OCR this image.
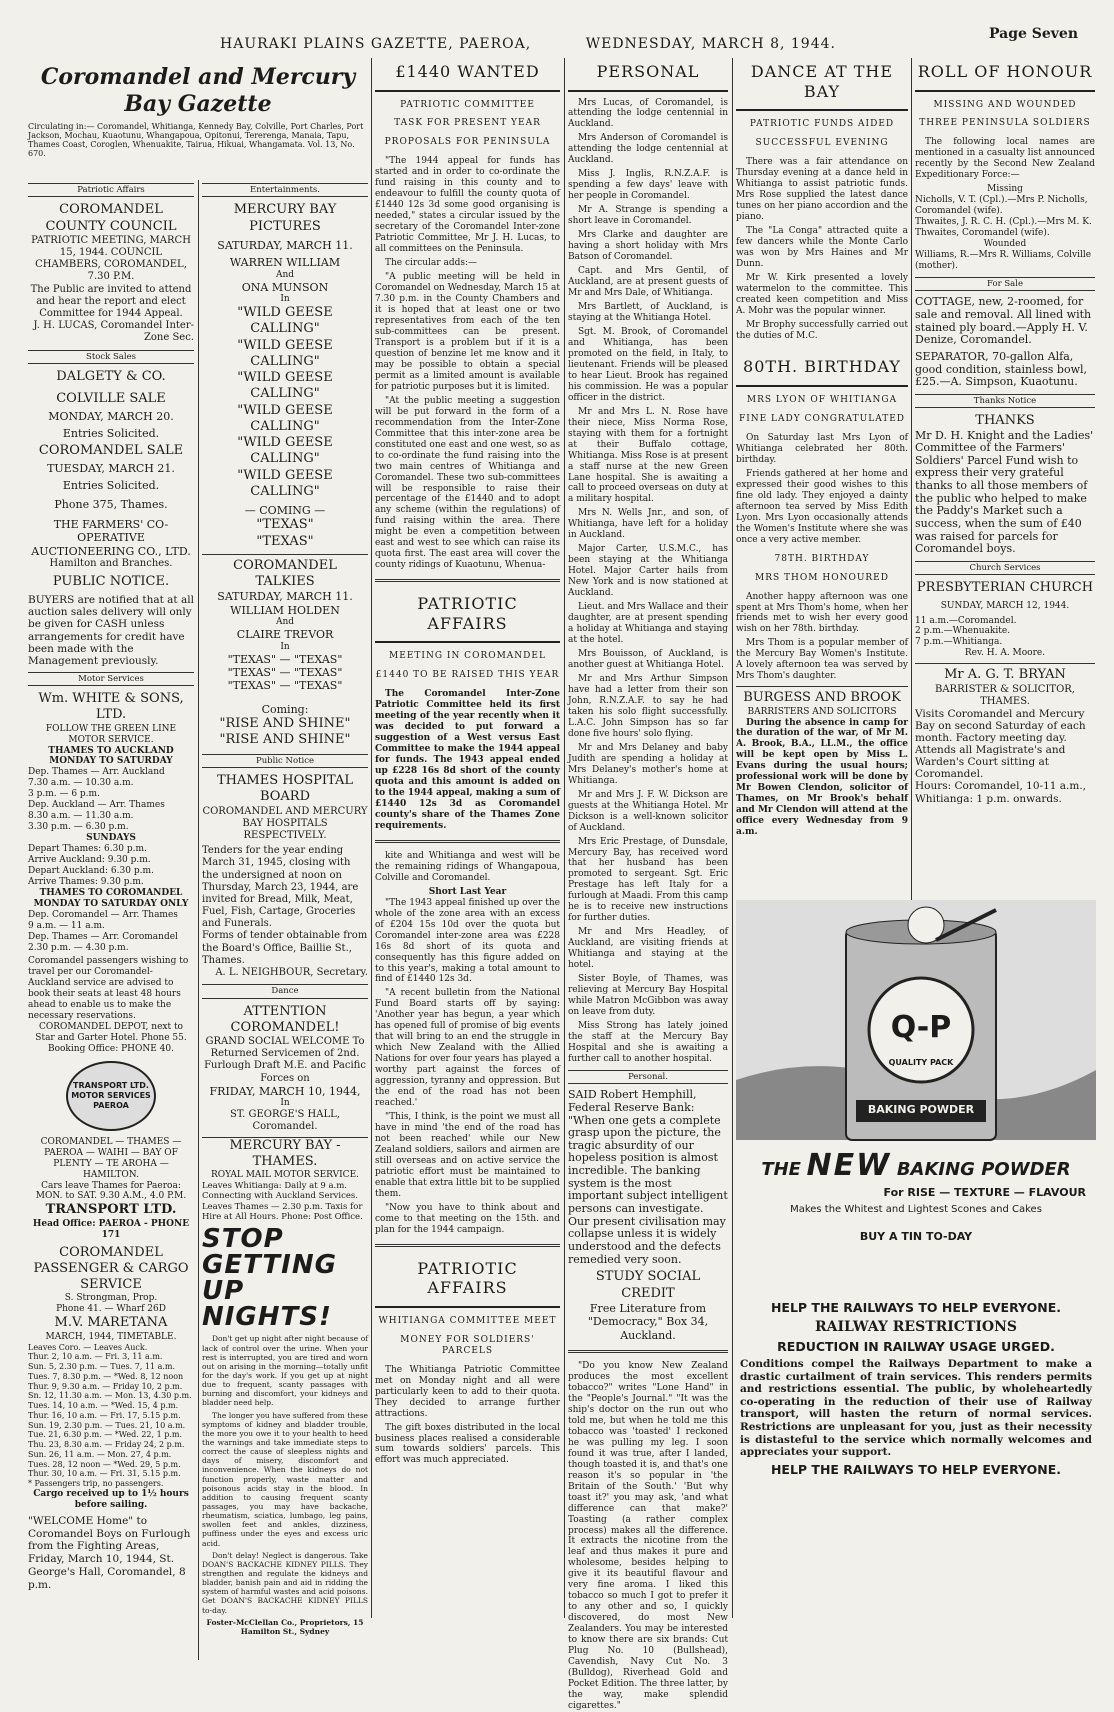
HAURAKI PLAINS GAZETTE, PAEROA,	WEDNESDAY, MARCH 8, 1944.
Page Seven
Coromandel and Mercury Bay Gazette
Circulating in:— Coromandel, Whitianga, Kennedy Bay, Colville, Port Charles, Port Jackson, Mochau, Kuaotunu, Whangapoua, Opitonui, Tererenga, Manaia, Tapu, Thames Coast, Coroglen, Whenuakite, Tairua, Hikuai, Whangamata. Vol. 13, No. 670.
Patriotic Affairs
COROMANDEL COUNTY COUNCIL
PATRIOTIC MEETING, MARCH 15, 1944. COUNCIL CHAMBERS, COROMANDEL, 7.30 P.M.
The Public are invited to attend and hear the report and elect Committee for 1944 Appeal.
J. H. LUCAS, Coromandel Inter-Zone Sec.
Stock Sales
DALGETY & CO.
COLVILLE SALE
MONDAY, MARCH 20.
Entries Solicited.
COROMANDEL SALE
TUESDAY, MARCH 21.
Entries Solicited.
Phone 375, Thames.
THE FARMERS' CO-OPERATIVE AUCTIONEERING CO., LTD.
Hamilton and Branches.
PUBLIC NOTICE.
BUYERS are notified that at all auction sales delivery will only be given for CASH unless arrangements for credit have been made with the Management previously.
Motor Services
Wm. WHITE & SONS, LTD.
FOLLOW THE GREEN LINE MOTOR SERVICE.
THAMES TO AUCKLAND
MONDAY TO SATURDAY
Dep. Thames — Arr. Auckland
7.30 a.m. — 10.30 a.m.
3 p.m. — 6 p.m.
Dep. Auckland — Arr. Thames
8.30 a.m. — 11.30 a.m.
3.30 p.m. — 6.30 p.m.
SUNDAYS
Depart Thames: 6.30 p.m.
Arrive Auckland: 9.30 p.m.
Depart Auckland: 6.30 p.m.
Arrive Thames: 9.30 p.m.
THAMES TO COROMANDEL
MONDAY TO SATURDAY ONLY
Dep. Coromandel — Arr. Thames
9 a.m. — 11 a.m.
Dep. Thames — Arr. Coromandel
2.30 p.m. — 4.30 p.m.
Coromandel passengers wishing to travel per our Coromandel-Auckland service are advised to book their seats at least 48 hours ahead to enable us to make the necessary reservations.
COROMANDEL DEPOT, next to Star and Garter Hotel. Phone 55.
Booking Office: PHONE 40.
TRANSPORT LTD. MOTOR SERVICES PAEROA
COROMANDEL — THAMES — PAEROA — WAIHI — BAY OF PLENTY — TE AROHA — HAMILTON.
Cars leave Thames for Paeroa: MON. to SAT. 9.30 A.M., 4.0 P.M.
TRANSPORT LTD.
Head Office: PAEROA - PHONE 171
COROMANDEL PASSENGER & CARGO SERVICE
S. Strongman, Prop.
Phone 41. — Wharf 26D
M.V. MARETANA
MARCH, 1944, TIMETABLE.
Leaves Coro. — Leaves Auck.
Thur. 2, 10 a.m. — Fri. 3, 11 a.m.
Sun. 5, 2.30 p.m. — Tues. 7, 11 a.m.
Tues. 7, 8.30 p.m. — *Wed. 8, 12 noon
Thur. 9, 9.30 a.m. — Friday 10, 2 p.m.
Sn. 12, 11.30 a.m. — Mon. 13, 4.30 p.m.
Tues. 14, 10 a.m. — *Wed. 15, 4 p.m.
Thur. 16, 10 a.m. — Fri. 17, 5.15 p.m.
Sun. 19, 2.30 p.m. — Tues. 21, 10 a.m.
Tue. 21, 6.30 p.m. — *Wed. 22, 1 p.m.
Thu. 23, 8.30 a.m. — Friday 24, 2 p.m.
Sun. 26, 11 a.m. — Mon. 27, 4 p.m.
Tues. 28, 12 noon — *Wed. 29, 5 p.m.
Thur. 30, 10 a.m. — Fri. 31, 5.15 p.m.
* Passengers trip, no passengers.
Cargo received up to 1½ hours before sailing.
"WELCOME Home" to Coromandel Boys on Furlough from the Fighting Areas, Friday, March 10, 1944, St. George's Hall, Coromandel, 8 p.m.
Entertainments.
MERCURY BAY PICTURES
SATURDAY, MARCH 11.
WARREN WILLIAM
And
ONA MUNSON
In
"WILD GEESE CALLING"
"WILD GEESE CALLING"
"WILD GEESE CALLING"
"WILD GEESE CALLING"
"WILD GEESE CALLING"
"WILD GEESE CALLING"
— COMING —
"TEXAS"
"TEXAS"
COROMANDEL TALKIES
SATURDAY, MARCH 11.
WILLIAM HOLDEN
And
CLAIRE TREVOR
In
"TEXAS" — "TEXAS"
"TEXAS" — "TEXAS"
"TEXAS" — "TEXAS"
Coming:
"RISE AND SHINE"
"RISE AND SHINE"
Public Notice
THAMES HOSPITAL BOARD
COROMANDEL AND MERCURY BAY HOSPITALS RESPECTIVELY.
Tenders for the year ending March 31, 1945, closing with the undersigned at noon on Thursday, March 23, 1944, are invited for Bread, Milk, Meat, Fuel, Fish, Cartage, Groceries and Funerals.
Forms of tender obtainable from the Board's Office, Baillie St., Thames.
A. L. NEIGHBOUR, Secretary.
Dance
ATTENTION COROMANDEL!
GRAND SOCIAL WELCOME To Returned Servicemen of 2nd. Furlough Draft M.E. and Pacific Forces on
FRIDAY, MARCH 10, 1944,
In
ST. GEORGE'S HALL, Coromandel.
MERCURY BAY - THAMES.
ROYAL MAIL MOTOR SERVICE.
Leaves Whitianga: Daily at 9 a.m. Connecting with Auckland Services. Leaves Thames — 2.30 p.m. Taxis for Hire at All Hours. Phone: Post Office.
STOP GETTING UP NIGHTS!

Don't get up night after night because of lack of control over the urine. When your rest is interrupted, you are tired and worn out on arising in the morning—totally unfit for the day's work. If you get up at night due to frequent, scanty passages with burning and discomfort, your kidneys and bladder need help.

The longer you have suffered from these symptoms of kidney and bladder trouble, the more you owe it to your health to heed the warnings and take immediate steps to correct the cause of sleepless nights and days of misery, discomfort and inconvenience. When the kidneys do not function properly, waste matter and poisonous acids stay in the blood. In addition to causing frequent scanty passages, you may have backache, rheumatism, sciatica, lumbago, leg pains, swollen feet and ankles, dizziness, puffiness under the eyes and excess uric acid.

Don't delay! Neglect is dangerous. Take DOAN'S BACKACHE KIDNEY PILLS. They strengthen and regulate the kidneys and bladder, banish pain and aid in ridding the system of harmful wastes and acid poisons. Get DOAN'S BACKACHE KIDNEY PILLS to-day.

Foster-McClellan Co., Proprietors, 15 Hamilton St., Sydney
£1440 WANTED
PATRIOTIC COMMITTEE
TASK FOR PRESENT YEAR
PROPOSALS FOR PENINSULA

"The 1944 appeal for funds has started and in order to co-ordinate the fund raising in this county and to endeavour to fulfill the county quota of £1440 12s 3d some good organising is needed," states a circular issued by the secretary of the Coromandel Inter-zone Patriotic Committee, Mr J. H. Lucas, to all committees on the Peninsula.

The circular adds:—

"A public meeting will be held in Coromandel on Wednesday, March 15 at 7.30 p.m. in the County Chambers and it is hoped that at least one or two representatives from each of the ten sub-committees can be present. Transport is a problem but if it is a question of benzine let me know and it may be possible to obtain a special permit as a limited amount is available for patriotic purposes but it is limited.

"At the public meeting a suggestion will be put forward in the form of a recommendation from the Inter-Zone Committee that this inter-zone area be constituted one east and one west, so as to co-ordinate the fund raising into the two main centres of Whitianga and Coromandel. These two sub-committees will be responsible to raise their percentage of the £1440 and to adopt any scheme (within the regulations) of fund raising within the area. There might be even a competition between east and west to see which can raise its quota first. The east area will cover the county ridings of Kuaotunu, Whenua-

PATRIOTIC AFFAIRS
MEETING IN COROMANDEL
£1440 TO BE RAISED THIS YEAR

The Coromandel Inter-Zone Patriotic Committee held its first meeting of the year recently when it was decided to put forward a suggestion of a West versus East Committee to make the 1944 appeal for funds. The 1943 appeal ended up £228 16s 8d short of the county quota and this amount is added on to the 1944 appeal, making a sum of £1440 12s 3d as Coromandel county's share of the Thames Zone requirements.

kite and Whitianga and west will be the remaining ridings of Whangapoua, Colville and Coromandel.

Short Last Year

"The 1943 appeal finished up over the whole of the zone area with an excess of £204 15s 10d over the quota but Coromandel inter-zone area was £228 16s 8d short of its quota and consequently has this figure added on to this year's, making a total amount to find of £1440 12s 3d.

"A recent bulletin from the National Fund Board starts off by saying: 'Another year has begun, a year which has opened full of promise of big events that will bring to an end the struggle in which New Zealand with the Allied Nations for over four years has played a worthy part against the forces of aggression, tyranny and oppression. But the end of the road has not been reached.'

"This, I think, is the point we must all have in mind 'the end of the road has not been reached' while our New Zealand soldiers, sailors and airmen are still overseas and on active service the patriotic effort must be maintained to enable that extra little bit to be supplied them.

"Now you have to think about and come to that meeting on the 15th. and plan for the 1944 campaign.

PATRIOTIC AFFAIRS
WHITIANGA COMMITTEE MEET
MONEY FOR SOLDIERS' PARCELS

The Whitianga Patriotic Committee met on Monday night and all were particularly keen to add to their quota. They decided to arrange further attractions.

The gift boxes distributed in the local business places realised a considerable sum towards soldiers' parcels. This effort was much appreciated.

PERSONAL

Mrs Lucas, of Coromandel, is attending the lodge centennial in Auckland.

Mrs Anderson of Coromandel is attending the lodge centennial at Auckland.

Miss J. Inglis, R.N.Z.A.F. is spending a few days' leave with her people in Coromandel.

Mr A. Strange is spending a short leave in Coromandel.

Mrs Clarke and daughter are having a short holiday with Mrs Batson of Coromandel.

Capt. and Mrs Gentil, of Auckland, are at present guests of Mr and Mrs Dale, of Whitianga.

Mrs Bartlett, of Auckland, is staying at the Whitianga Hotel.

Sgt. M. Brook, of Coromandel and Whitianga, has been promoted on the field, in Italy, to lieutenant. Friends will be pleased to hear Lieut. Brook has regained his commission. He was a popular officer in the district.

Mr and Mrs L. N. Rose have their niece, Miss Norma Rose, staying with them for a fortnight at their Buffalo cottage, Whitianga. Miss Rose is at present a staff nurse at the new Green Lane hospital. She is awaiting a call to proceed overseas on duty at a military hospital.

Mrs N. Wells Jnr., and son, of Whitianga, have left for a holiday in Auckland.

Major Carter, U.S.M.C., has been staying at the Whitianga Hotel. Major Carter hails from New York and is now stationed at Auckland.

Lieut. and Mrs Wallace and their daughter, are at present spending a holiday at Whitianga and staying at the hotel.

Mrs Bouisson, of Auckland, is another guest at Whitianga Hotel.

Mr and Mrs Arthur Simpson have had a letter from their son John, R.N.Z.A.F. to say he had taken his solo flight successfully. L.A.C. John Simpson has so far done five hours' solo flying.

Mr and Mrs Delaney and baby Judith are spending a holiday at Mrs Delaney's mother's home at Whitianga.

Mr and Mrs J. F. W. Dickson are guests at the Whitianga Hotel. Mr Dickson is a well-known solicitor of Auckland.

Mrs Eric Prestage, of Dunsdale, Mercury Bay, has received word that her husband has been promoted to sergeant. Sgt. Eric Prestage has left Italy for a furlough at Maadi. From this camp he is to receive new instructions for further duties.

Mr and Mrs Headley, of Auckland, are visiting friends at Whitianga and staying at the hotel.

Sister Boyle, of Thames, was relieving at Mercury Bay Hospital while Matron McGibbon was away on leave from duty.

Miss Strong has lately joined the staff at the Mercury Bay Hospital and she is awaiting a further call to another hospital.

Personal.
SAID Robert Hemphill, Federal Reserve Bank: "When one gets a complete grasp upon the picture, the tragic absurdity of our hopeless position is almost incredible. The banking system is the most important subject intelligent persons can investigate. Our present civilisation may collapse unless it is widely understood and the defects remedied very soon.
STUDY SOCIAL CREDIT
Free Literature from
"Democracy," Box 34, Auckland.

"Do you know New Zealand produces the most excellent tobacco?" writes "Lone Hand" in the "People's Journal." "It was the ship's doctor on the run out who told me, but when he told me this tobacco was 'toasted' I reckoned he was pulling my leg. I soon found it was true, after I landed, though toasted it is, and that's one reason it's so popular in 'the Britain of the South.' 'But why toast it?' you may ask, 'and what difference can that make?' Toasting (a rather complex process) makes all the difference. It extracts the nicotine from the leaf and thus makes it pure and wholesome, besides helping to give it its beautiful flavour and very fine aroma. I liked this tobacco so much I got to prefer it to any other and so, I quickly discovered, do most New Zealanders. You may be interested to know there are six brands: Cut Plug No. 10 (Bullshead), Cavendish, Navy Cut No. 3 (Bulldog), Riverhead Gold and Pocket Edition. The three latter, by the way, make splendid cigarettes."

DANCE AT THE BAY
PATRIOTIC FUNDS AIDED
SUCCESSFUL EVENING

There was a fair attendance on Thursday evening at a dance held in Whitianga to assist patriotic funds. Mrs Rose supplied the latest dance tunes on her piano accordion and the piano.

The "La Conga" attracted quite a few dancers while the Monte Carlo was won by Mrs Haines and Mr Dunn.

Mr W. Kirk presented a lovely watermelon to the committee. This created keen competition and Miss A. Mohr was the popular winner.

Mr Brophy successfully carried out the duties of M.C.

80TH. BIRTHDAY
MRS LYON OF WHITIANGA
FINE LADY CONGRATULATED

On Saturday last Mrs Lyon of Whitianga celebrated her 80th. birthday.

Friends gathered at her home and expressed their good wishes to this fine old lady. They enjoyed a dainty afternoon tea served by Miss Edith Lyon. Mrs Lyon occasionally attends the Women's Institute where she was once a very active member.

78TH. BIRTHDAY
MRS THOM HONOURED

Another happy afternoon was one spent at Mrs Thom's home, when her friends met to wish her every good wish on her 78th. birthday.

Mrs Thom is a popular member of the Mercury Bay Women's Institute. A lovely afternoon tea was served by Mrs Thom's daughter.

BURGESS AND BROOK
BARRISTERS AND SOLICITORS

During the absence in camp for the duration of the war, of Mr M. A. Brook, B.A., LL.M., the office will be kept open by Miss L. Evans during the usual hours; professional work will be done by Mr Bowen Clendon, solicitor of Thames, on Mr Brook's behalf and Mr Clendon will attend at the office every Wednesday from 9 a.m.

ROLL OF HONOUR
MISSING AND WOUNDED
THREE PENINSULA SOLDIERS

The following local names are mentioned in a casualty list announced recently by the Second New Zealand Expeditionary Force:—

Missing
Nicholls, V. T. (Cpl.).—Mrs P. Nicholls, Coromandel (wife).
Thwaites, J. R. C. H. (Cpl.).—Mrs M. K. Thwaites, Coromandel (wife).
Wounded
Williams, R.—Mrs R. Williams, Colville (mother).
For Sale
COTTAGE, new, 2-roomed, for sale and removal. All lined with stained ply board.—Apply H. V. Denize, Coromandel.
SEPARATOR, 70-gallon Alfa, good condition, stainless bowl, £25.—A. Simpson, Kuaotunu.
Thanks Notice
THANKS
Mr D. H. Knight and the Ladies' Committee of the Farmers' Soldiers' Parcel Fund wish to express their very grateful thanks to all those members of the public who helped to make the Paddy's Market such a success, when the sum of £40 was raised for parcels for Coromandel boys.
Church Services
PRESBYTERIAN CHURCH
SUNDAY, MARCH 12, 1944.
11 a.m.—Coromandel.
2 p.m.—Whenuakite.
7 p.m.—Whitianga.
Rev. H. A. Moore.
Mr A. G. T. BRYAN
BARRISTER & SOLICITOR, THAMES.
Visits Coromandel and Mercury Bay on second Saturday of each month. Factory meeting day. Attends all Magistrate's and Warden's Court sitting at Coromandel.
Hours: Coromandel, 10-11 a.m., Whitianga: 1 p.m. onwards.
Q-P
QUALITY PACK
BAKING POWDER
THE NEW BAKING POWDER
For RISE — TEXTURE — FLAVOUR
Makes the Whitest and Lightest Scones and Cakes
BUY A TIN TO-DAY
HELP THE RAILWAYS TO HELP EVERYONE.
RAILWAY RESTRICTIONS
REDUCTION IN RAILWAY USAGE URGED.
Conditions compel the Railways Department to make a drastic curtailment of train services. This renders permits and restrictions essential. The public, by wholeheartedly co-operating in the reduction of their use of Railway transport, will hasten the return of normal services. Restrictions are unpleasant for you, just as their necessity is distasteful to the service which normally welcomes and appreciates your support.
HELP THE RAILWAYS TO HELP EVERYONE.
